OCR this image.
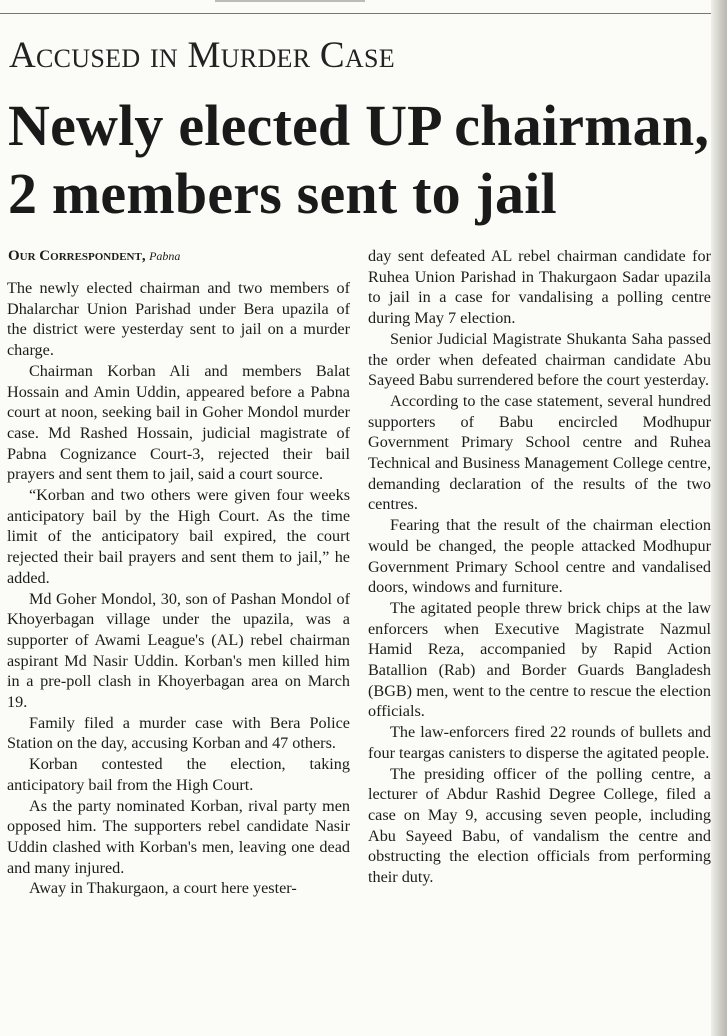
Accused in Murder Case
Newly elected UP chairman,
2 members sent to jail
Our Correspondent, Pabna

The newly elected chairman and two members of Dhalarchar Union Parishad under Bera upazila of the district were yesterday sent to jail on a murder charge.

Chairman Korban Ali and members Balat Hossain and Amin Uddin, appeared before a Pabna court at noon, seeking bail in Goher Mondol murder case. Md Rashed Hossain, judicial magistrate of Pabna Cognizance Court-3, rejected their bail prayers and sent them to jail, said a court source.

“Korban and two others were given four weeks anticipatory bail by the High Court. As the time limit of the anticipatory bail expired, the court rejected their bail prayers and sent them to jail,” he added.

Md Goher Mondol, 30, son of Pashan Mondol of Khoyerbagan village under the upazila, was a supporter of Awami League's (AL) rebel chairman aspirant Md Nasir Uddin. Korban's men killed him in a pre-poll clash in Khoyerbagan area on March 19.

Family filed a murder case with Bera Police Station on the day, accusing Korban and 47 others.

Korban contested the election, taking anticipatory bail from the High Court.

As the party nominated Korban, rival party men opposed him. The supporters rebel candidate Nasir Uddin clashed with Korban's men, leaving one dead and many injured.

Away in Thakurgaon, a court here yester-

day sent defeated AL rebel chairman candidate for Ruhea Union Parishad in Thakurgaon Sadar upazila to jail in a case for vandalising a polling centre during May 7 election.

Senior Judicial Magistrate Shukanta Saha passed the order when defeated chairman candidate Abu Sayeed Babu surrendered before the court yesterday.

According to the case statement, several hundred supporters of Babu encircled Modhupur Government Primary School centre and Ruhea Technical and Business Management College centre, demanding declaration of the results of the two centres.

Fearing that the result of the chairman election would be changed, the people attacked Modhupur Government Primary School centre and vandalised doors, windows and furniture.

The agitated people threw brick chips at the law enforcers when Executive Magistrate Nazmul Hamid Reza, accompanied by Rapid Action Batallion (Rab) and Border Guards Bangladesh (BGB) men, went to the centre to rescue the election officials.

The law-enforcers fired 22 rounds of bullets and four teargas canisters to disperse the agitated people.

The presiding officer of the polling centre, a lecturer of Abdur Rashid Degree College, filed a case on May 9, accusing seven people, including Abu Sayeed Babu, of vandalism the centre and obstructing the election officials from performing their duty.
